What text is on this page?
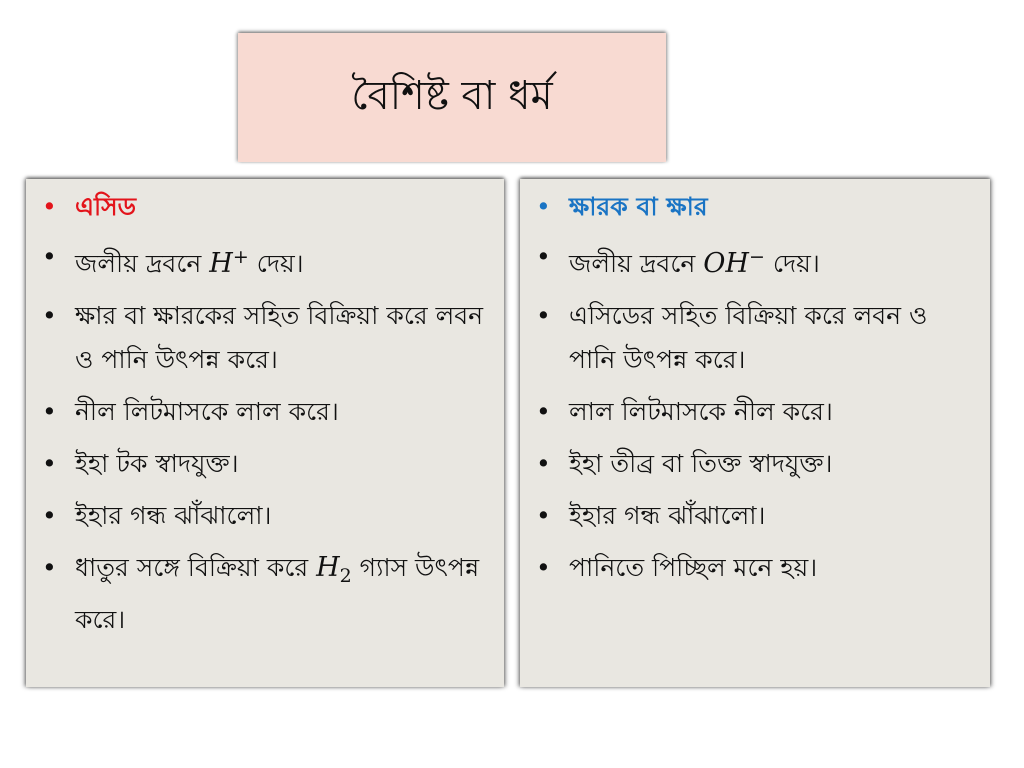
বৈশিষ্ট বা ধর্ম
• এসিড
• জলীয় দ্রবনে H+ দেয়।
• ক্ষার বা ক্ষারকের সহিত বিক্রিয়া করে লবন ও পানি উৎপন্ন করে।
• নীল লিটমাসকে লাল করে।
• ইহা টক স্বাদযুক্ত।
• ইহার গন্ধ ঝাঁঝালো।
• ধাতুর সঙ্গে বিক্রিয়া করে $H_2$ গ্যাস উৎপন্ন করে।
• ক্ষারক বা ক্ষার
• জলীয় দ্রবনে OH− দেয়।
• এসিডের সহিত বিক্রিয়া করে লবন ও পানি উৎপন্ন করে।
• লাল লিটমাসকে নীল করে।
• ইহা তীব্র বা তিক্ত স্বাদযুক্ত।
• ইহার গন্ধ ঝাঁঝালো।
• পানিতে পিচ্ছিল মনে হয়।
